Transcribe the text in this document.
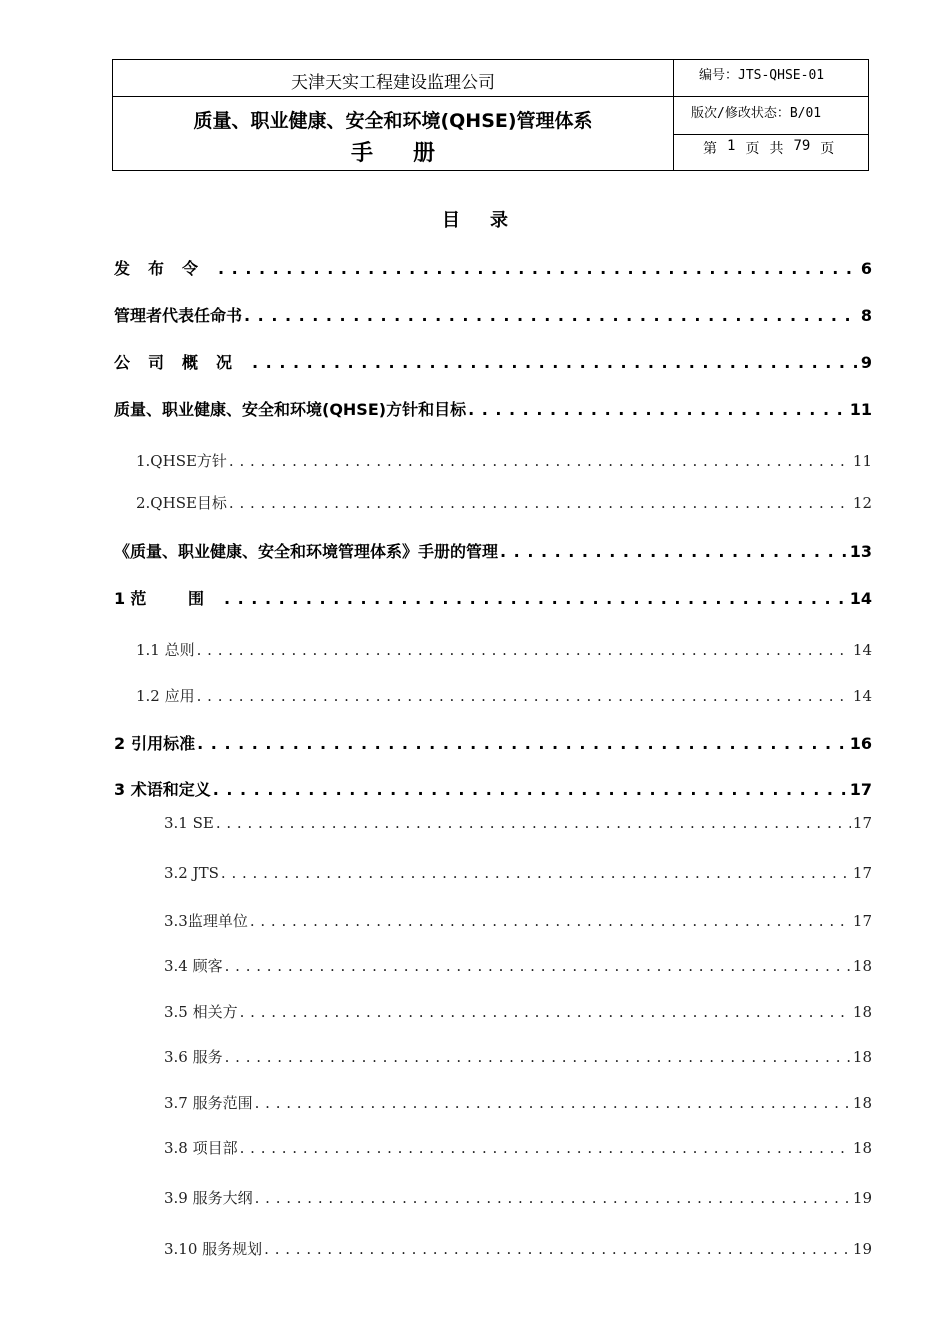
天津天实工程建设监理公司
质量、职业健康、安全和环境(QHSE)管理体系
手册
编号：JTS-QHSE-01
版次/修改状态：B/01
第 1 页 共 79 页
目录
发布令 . . .	6
管理者代表任命书 . . .	8
公司概况 . . .	9
质量、职业健康、安全和环境(QHSE)方针和目标 . . .	11
1.QHSE方针 . . .	11
2.QHSE目标 . . .	12
《质量、职业健康、安全和环境管理体系》手册的管理 . . .	13
1 范 围 . . .	14
1.1 总则 . . .	14
1.2 应用 . . .	14
2 引用标准 . . .	16
3 术语和定义 . . .	17
3.1 SE . . .	17
3.2 JTS . . .	17
3.3监理单位 . . .	17
3.4 顾客 . . .	18
3.5 相关方 . . .	18
3.6 服务 . . .	18
3.7 服务范围 . . .	18
3.8 项目部 . . .	18
3.9 服务大纲 . . .	19
3.10 服务规划 . . .	19
